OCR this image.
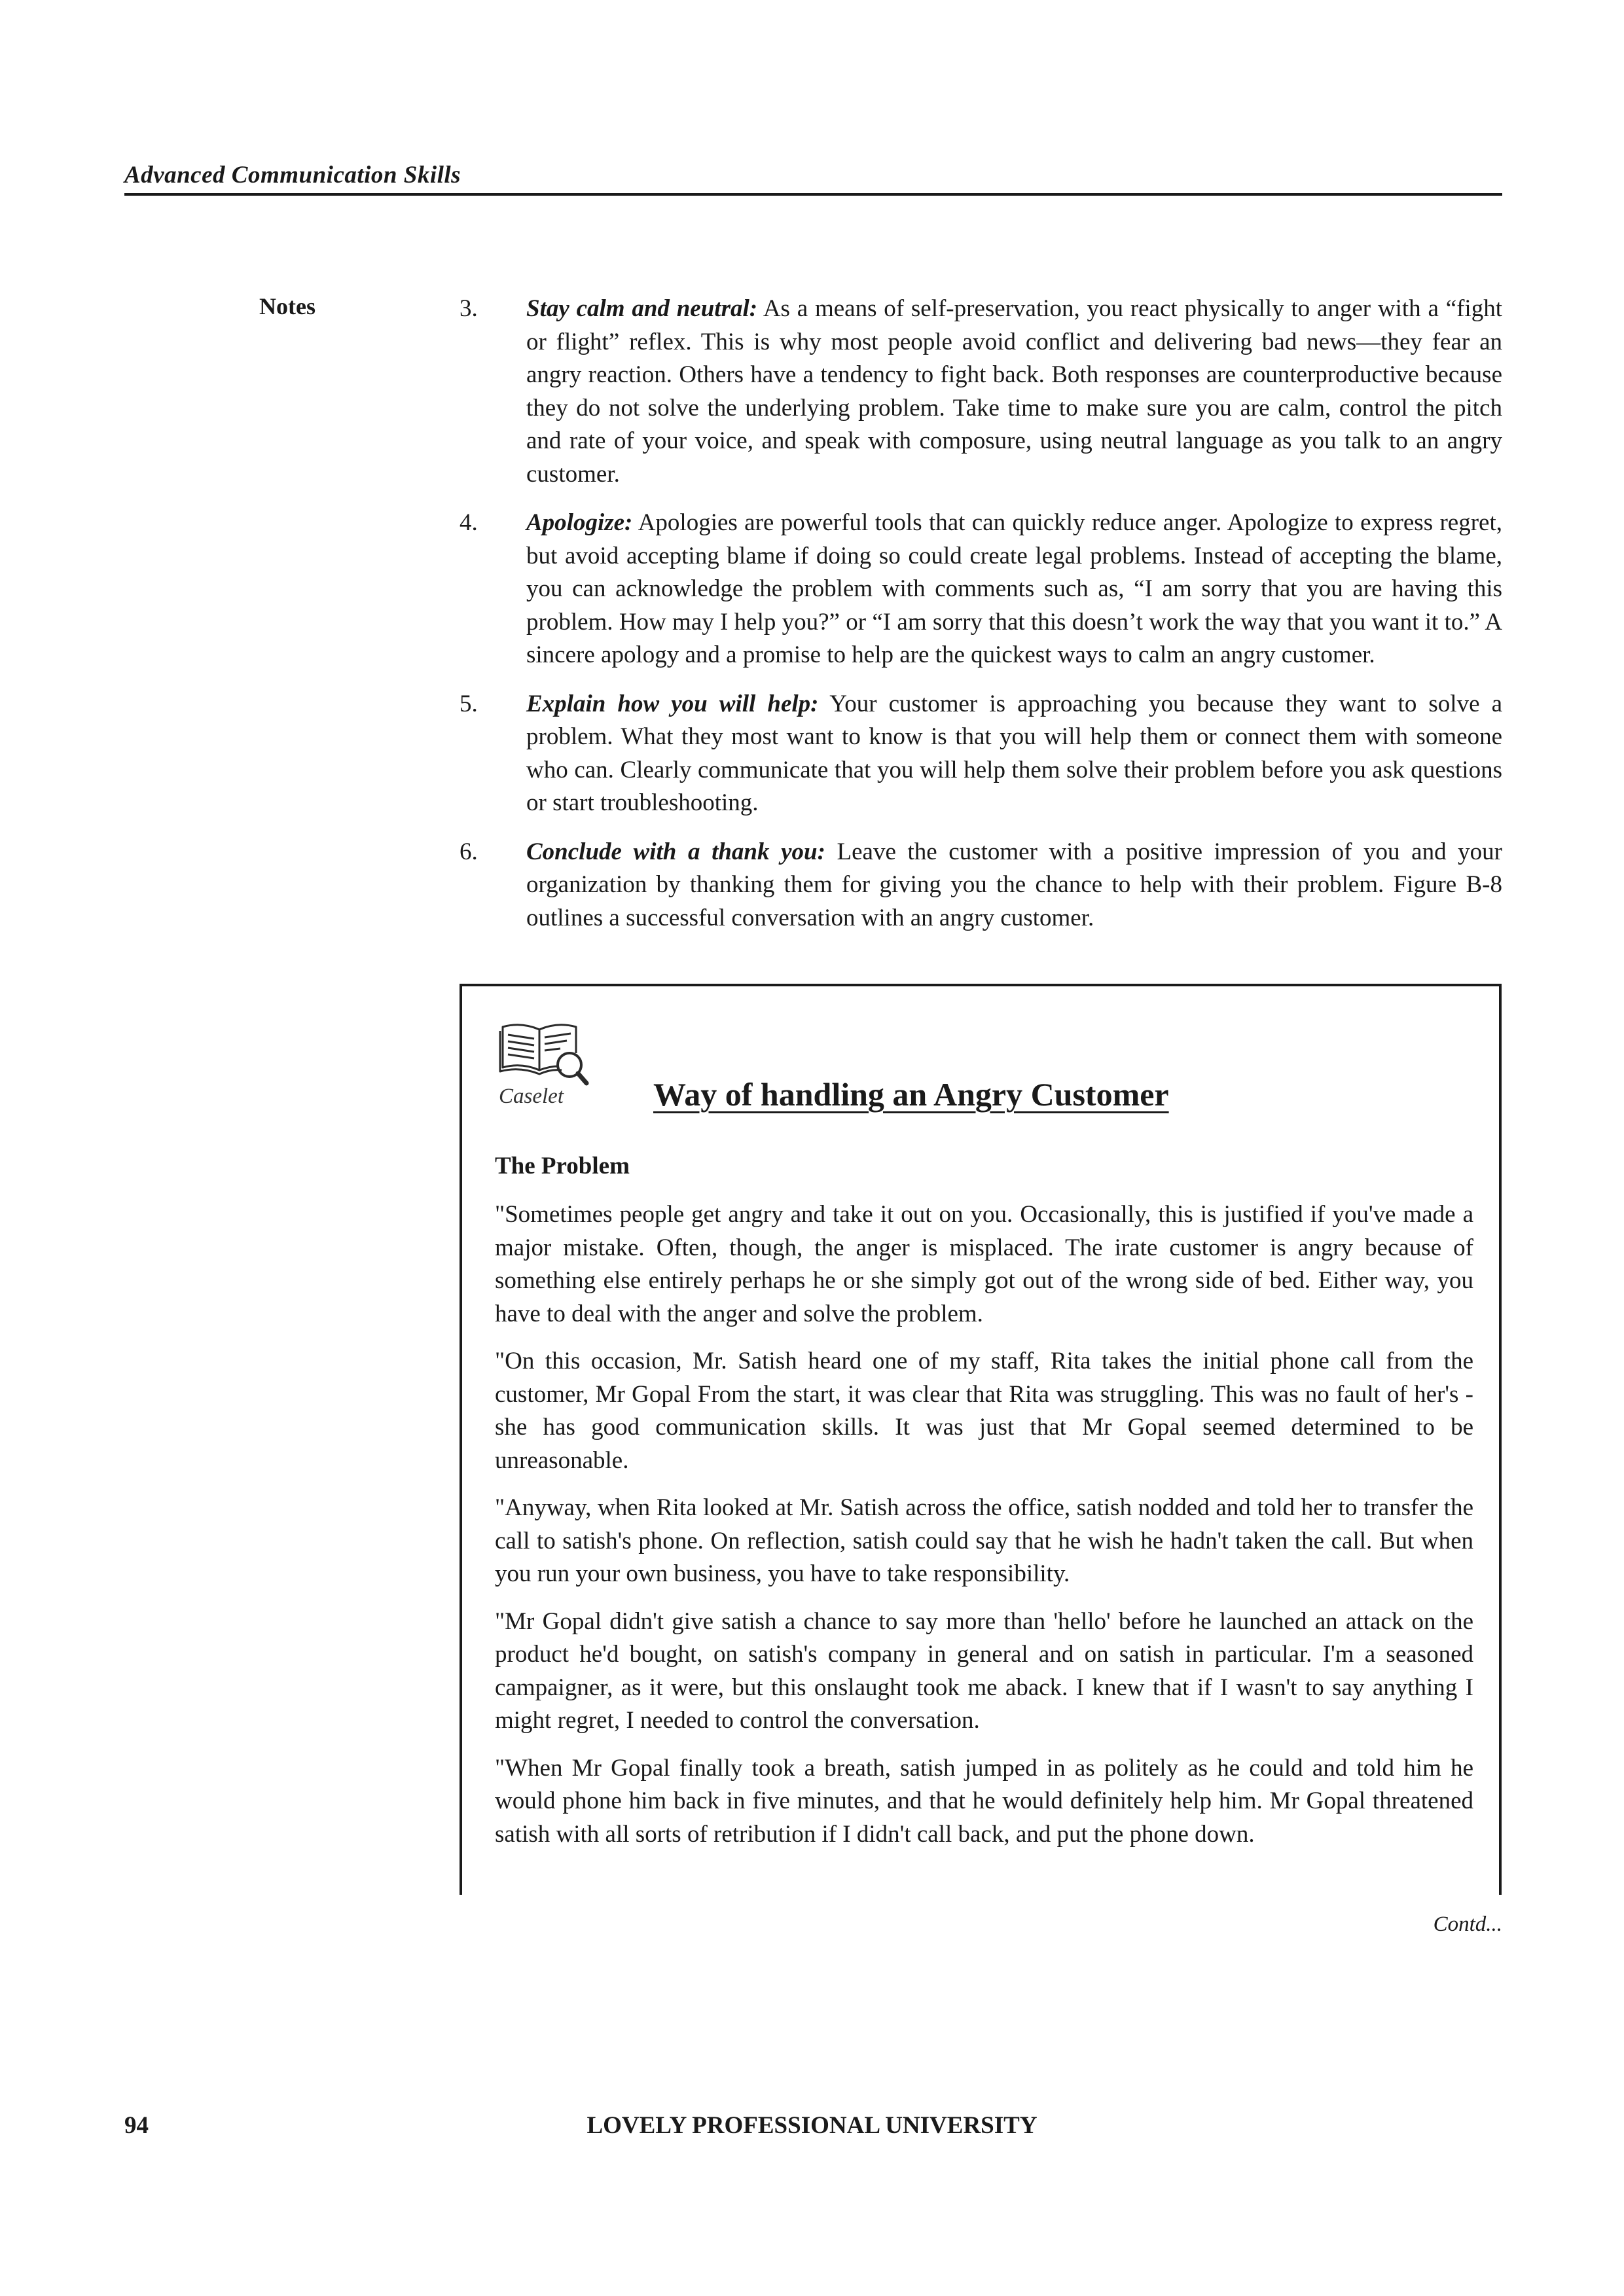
Advanced Communication Skills
Notes	3. Stay calm and neutral: As a means of self-preservation, you react physically to anger with a “fight or flight” reflex. This is why most people avoid conflict and delivering bad news—they fear an angry reaction. Others have a tendency to fight back. Both responses are counterproductive because they do not solve the underlying problem. Take time to make sure you are calm, control the pitch and rate of your voice, and speak with composure, using neutral language as you talk to an angry customer.
4. Apologize: Apologies are powerful tools that can quickly reduce anger. Apologize to express regret, but avoid accepting blame if doing so could create legal problems. Instead of accepting the blame, you can acknowledge the problem with comments such as, “I am sorry that you are having this problem. How may I help you?” or “I am sorry that this doesn’t work the way that you want it to.” A sincere apology and a promise to help are the quickest ways to calm an angry customer.
5. Explain how you will help: Your customer is approaching you because they want to solve a problem. What they most want to know is that you will help them or connect them with someone who can. Clearly communicate that you will help them solve their problem before you ask questions or start troubleshooting.
6. Conclude with a thank you: Leave the customer with a positive impression of you and your organization by thanking them for giving you the chance to help with their problem. Figure B-8 outlines a successful conversation with an angry customer.
Caselet	Way of handling an Angry Customer

The Problem

"Sometimes people get angry and take it out on you. Occasionally, this is justified if you've made a major mistake. Often, though, the anger is misplaced. The irate customer is angry because of something else entirely perhaps he or she simply got out of the wrong side of bed. Either way, you have to deal with the anger and solve the problem.

"On this occasion, Mr. Satish heard one of my staff, Rita takes the initial phone call from the customer, Mr Gopal From the start, it was clear that Rita was struggling. This was no fault of her's - she has good communication skills. It was just that Mr Gopal seemed determined to be unreasonable.

"Anyway, when Rita looked at Mr. Satish across the office, satish nodded and told her to transfer the call to satish's phone. On reflection, satish could say that he wish he hadn't taken the call. But when you run your own business, you have to take responsibility.

"Mr Gopal didn't give satish a chance to say more than 'hello' before he launched an attack on the product he'd bought, on satish's company in general and on satish in particular. I'm a seasoned campaigner, as it were, but this onslaught took me aback. I knew that if I wasn't to say anything I might regret, I needed to control the conversation.

"When Mr Gopal finally took a breath, satish jumped in as politely as he could and told him he would phone him back in five minutes, and that he would definitely help him. Mr Gopal threatened satish with all sorts of retribution if I didn't call back, and put the phone down.

Contd...
94	LOVELY PROFESSIONAL UNIVERSITY
